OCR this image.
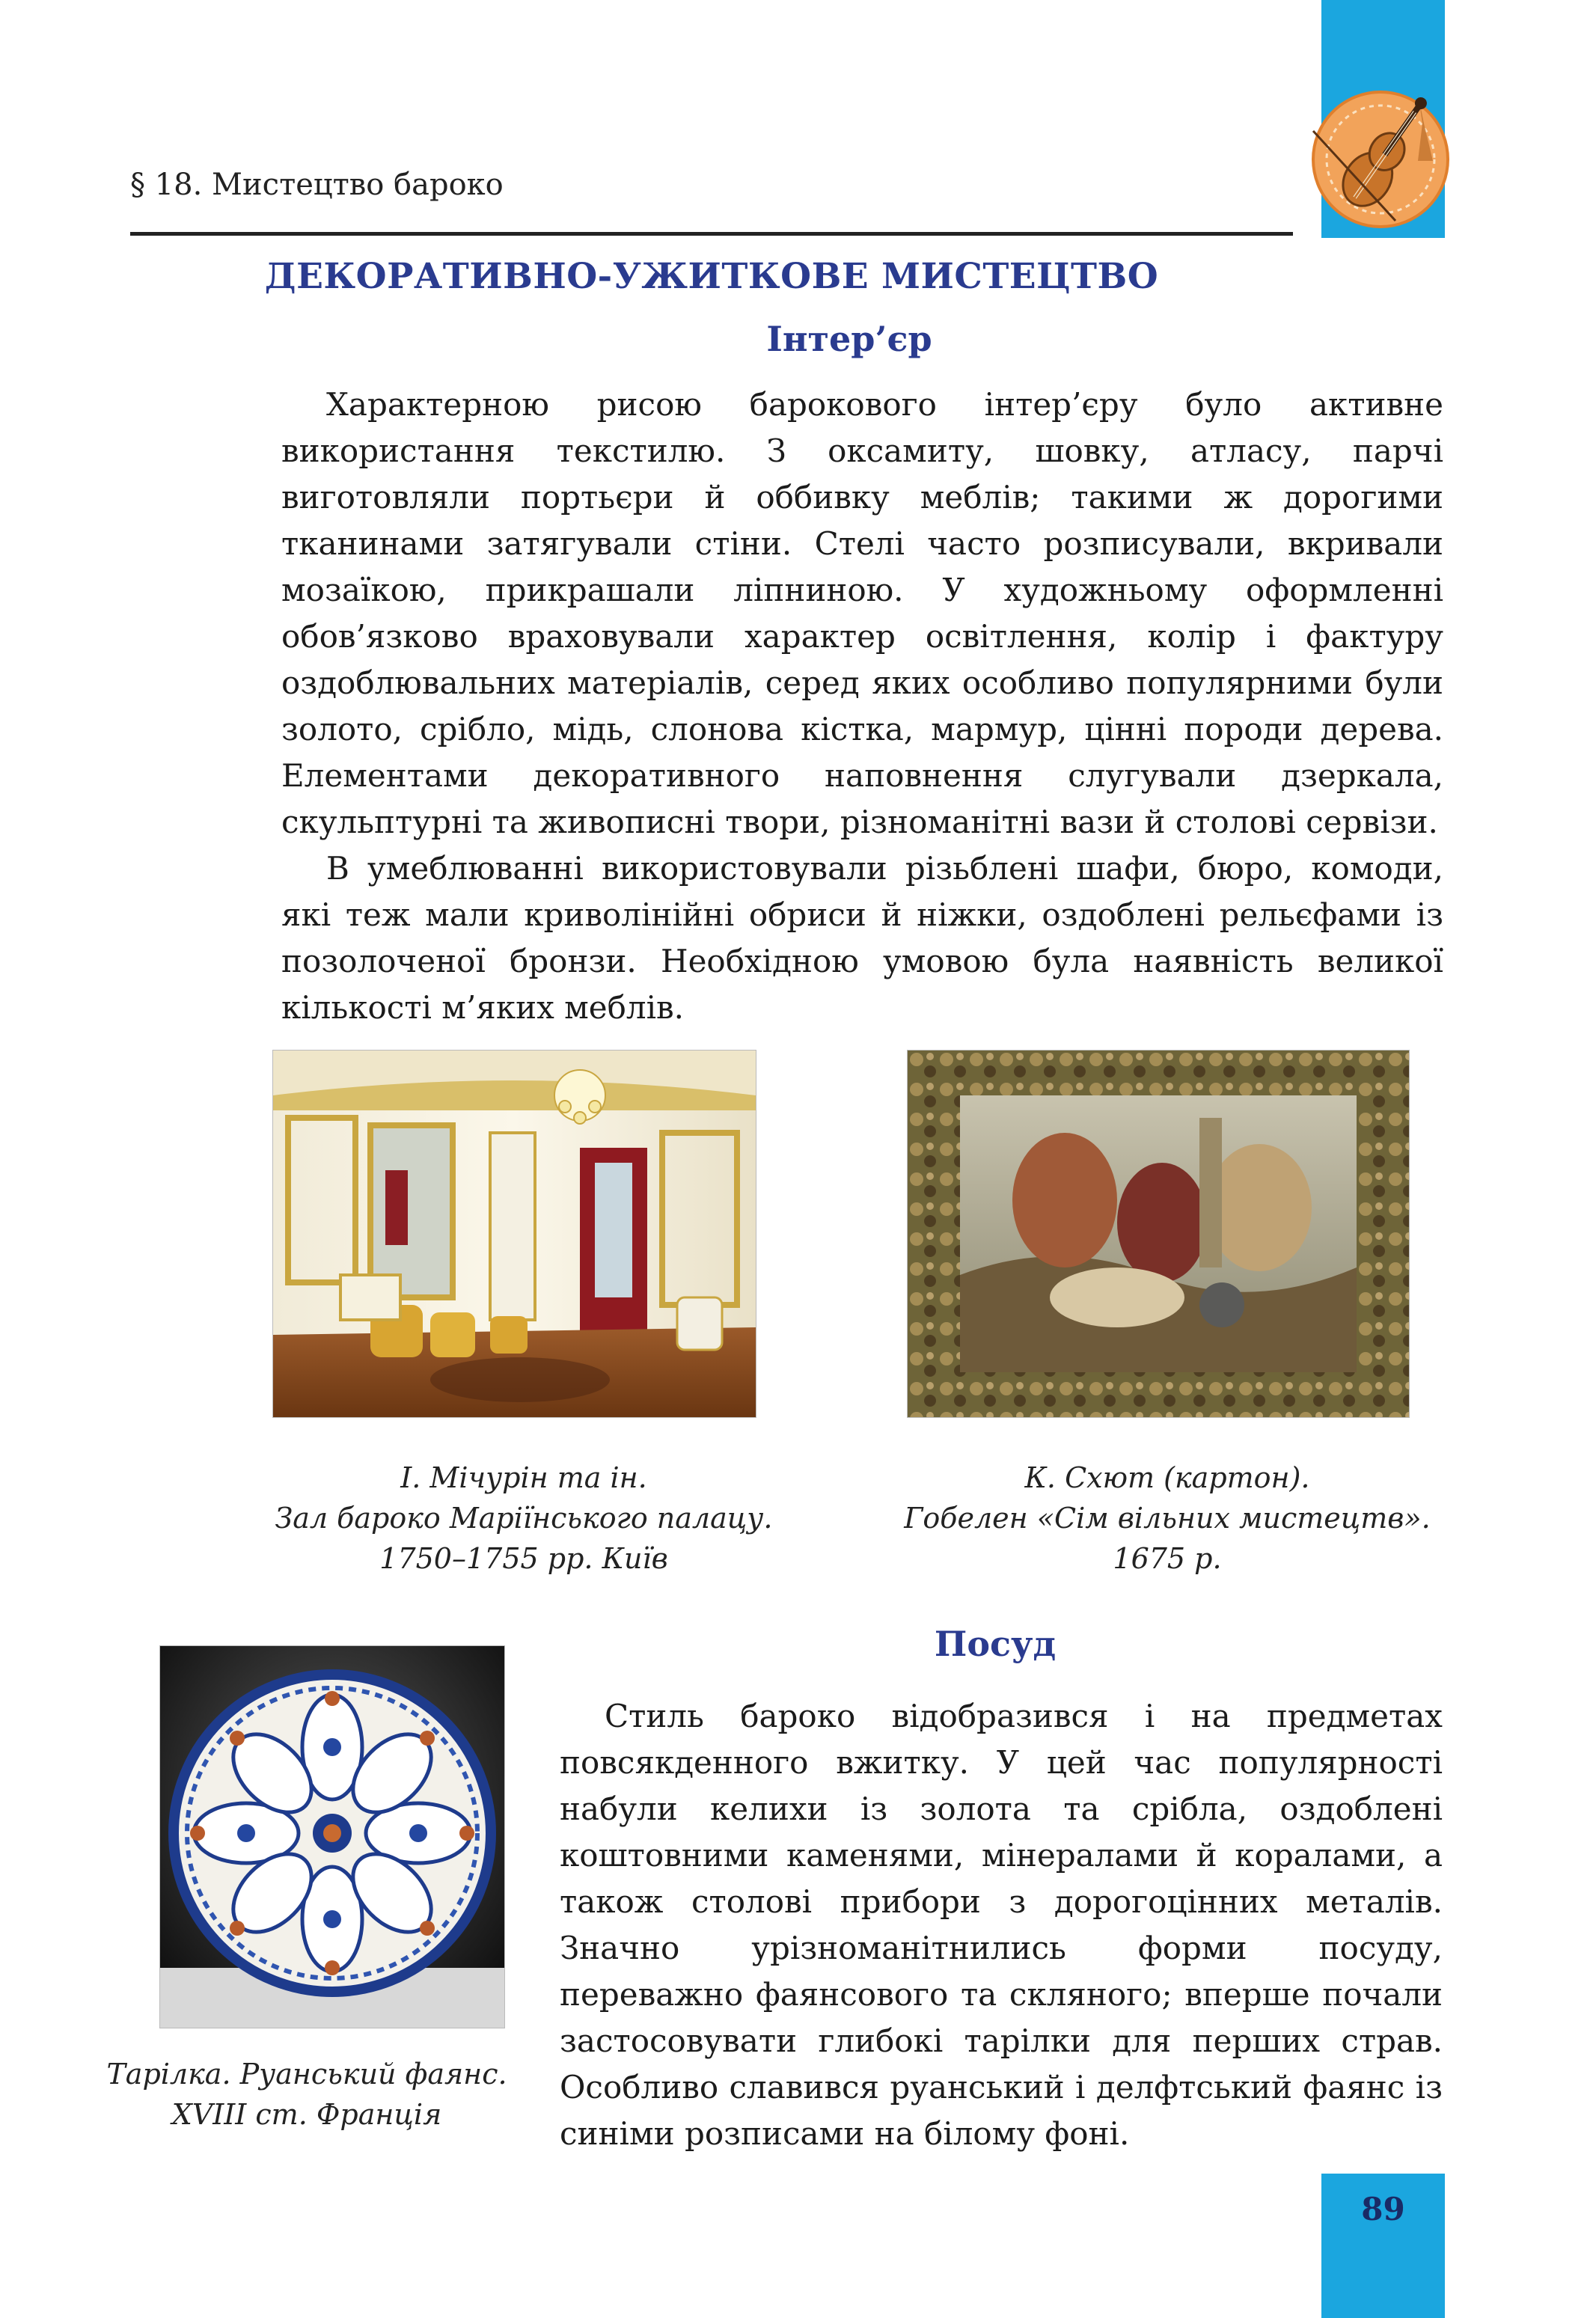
§ 18. Мистецтво бароко
ДЕКОРАТИВНО-УЖИТКОВЕ МИСТЕЦТВО
Інтер’єр

Характерною рисою барокового інтер’єру було активне використання текстилю. З оксамиту, шовку, атласу, парчі виготовляли портьєри й оббивку меблів; такими ж дорогими тканинами затягували стіни. Стелі часто розписували, вкривали мозаїкою, прикрашали ліпниною. У художньому оформленні обов’язково враховували характер освітлення, колір і фактуру оздоблювальних матеріалів, серед яких особливо популярними були золото, срібло, мідь, слонова кістка, мармур, цінні породи дерева. Елементами декоративного наповнення слугували дзеркала, скульптурні та живописні твори, різноманітні вази й столові сервізи.

В умеблюванні використовували різьблені шафи, бюро, комоди, які теж мали криволінійні обриси й ніжки, оздоблені рельєфами із позолоченої бронзи. Необхідною умовою була наявність великої кількості м’яких меблів.

І. Мічурін та ін.
Зал бароко Маріїнського палацу.
1750–1755 рр. Київ
К. Схют (картон).
Гобелен «Сім вільних мистецтв».
1675 р.
Посуд
Тарілка. Руанський фаянс.
XVIII ст. Франція

Стиль бароко відобразився і на предметах повсякденного вжитку. У цей час популярності набули келихи із золота та срібла, оздоблені коштовними каменями, мінералами й коралами, а також столові прибори з дорогоцінних металів. Значно урізноманітнились форми посуду, переважно фаянсового та скляного; вперше почали застосовувати глибокі тарілки для перших страв. Особливо славився руанський і делфтський фаянс із синіми розписами на білому фоні.

89
